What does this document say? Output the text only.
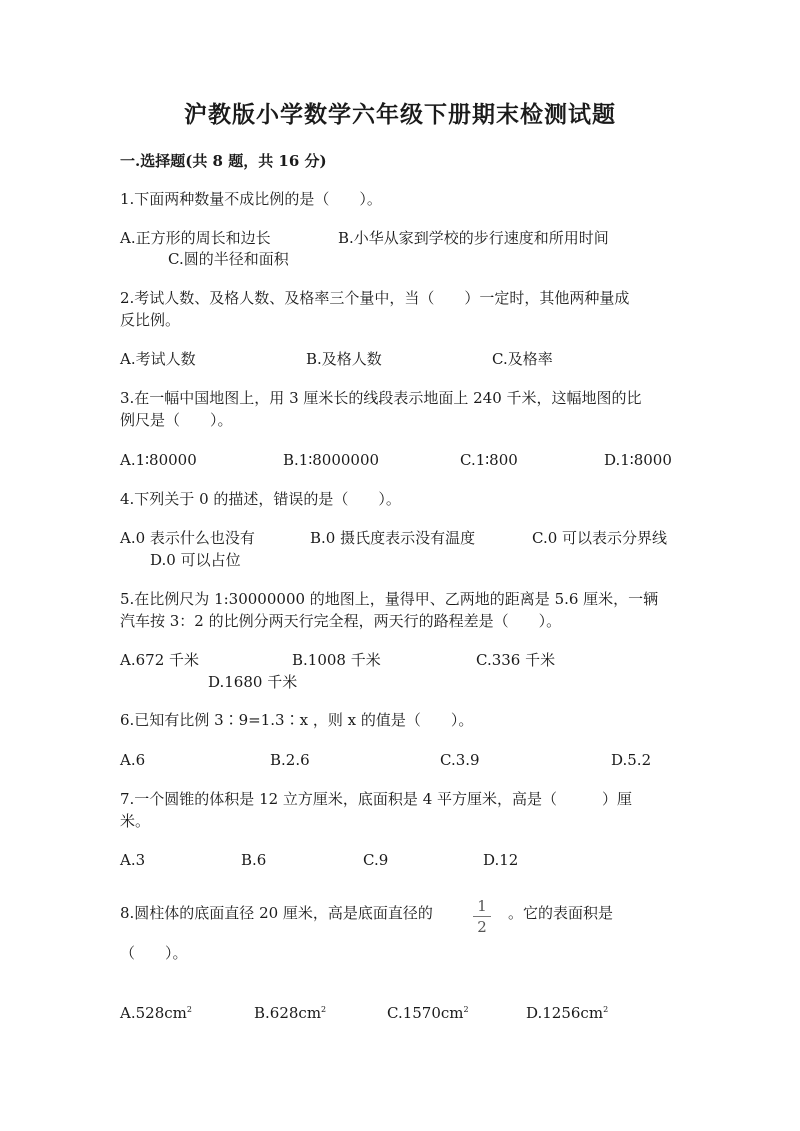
沪教版小学数学六年级下册期末检测试题
一.选择题(共 8 题，共 16 分)
1.下面两种数量不成比例的是（　　）。
A.正方形的周长和边长	B.小华从家到学校的步行速度和所用时间
C.圆的半径和面积
2.考试人数、及格人数、及格率三个量中，当（　　）一定时，其他两种量成
反比例。
A.考试人数	B.及格人数	C.及格率
3.在一幅中国地图上，用 3 厘米长的线段表示地面上 240 千米，这幅地图的比
例尺是（　　）。
A.1∶80000	B.1∶8000000	C.1∶800	D.1∶8000
4.下列关于 0 的描述，错误的是（　　）。
A.0 表示什么也没有	B.0 摄氏度表示没有温度	C.0 可以表示分界线
D.0 可以占位
5.在比例尺为 1:30000000 的地图上，量得甲、乙两地的距离是 5.6 厘米，一辆
汽车按 3：2 的比例分两天行完全程，两天行的路程差是（　　）。
A.672 千米	B.1008 千米	C.336 千米
D.1680 千米
6.已知有比例 3∶9=1.3∶x ，则 x 的值是（　　）。
A.6	B.2.6	C.3.9	D.5.2
7.一个圆锥的体积是 12 立方厘米，底面积是 4 平方厘米，高是（　　　）厘
米。
A.3	B.6	C.9	D.12
8.圆柱体的底面直径 20 厘米，高是底面直径的	1
2
。它的表面积是
（　　）。
$A.528cm^2$	$B.628cm^2$	$C.1570cm^2$	$D.1256cm^2$
